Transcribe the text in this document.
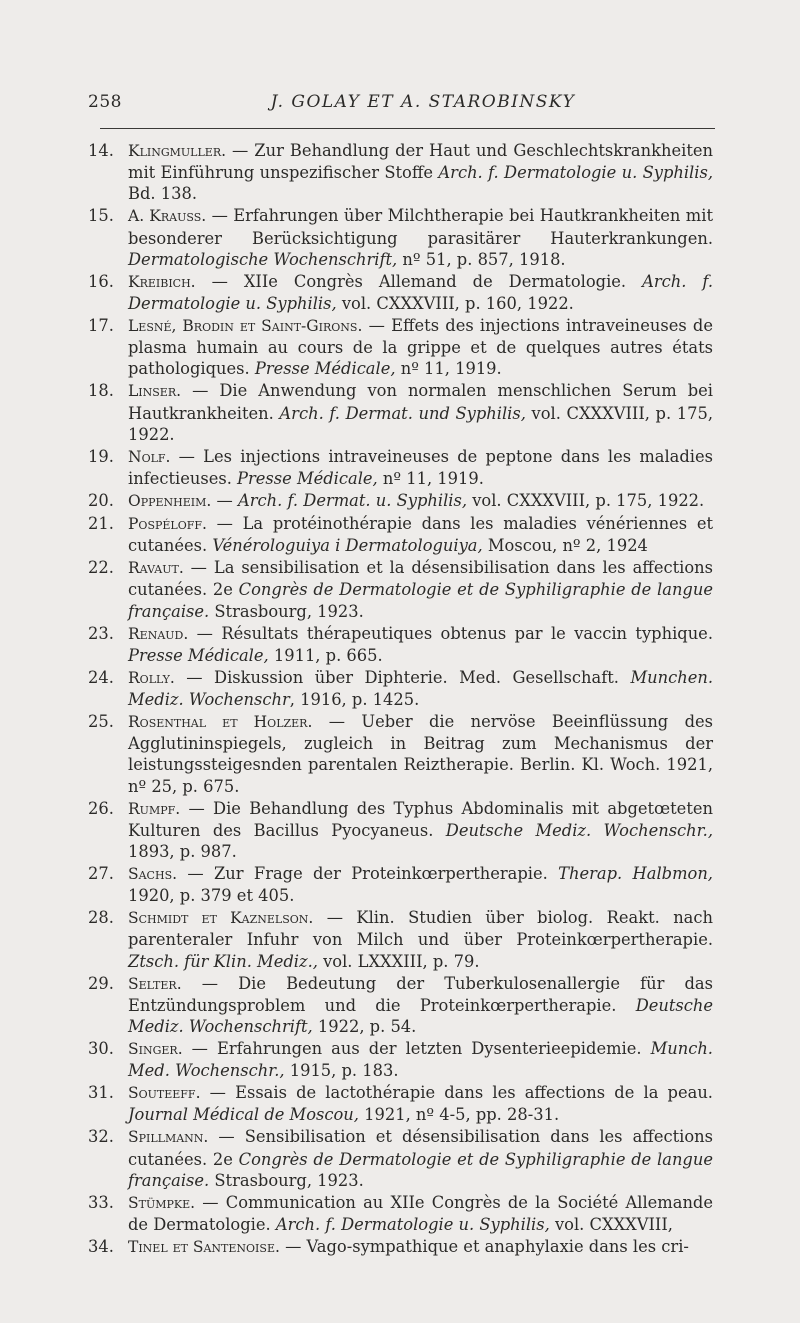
258	J. GOLAY ET A. STAROBINSKY
14. Klingmuller. — Zur Behandlung der Haut und Geschlechtskrankheiten mit Einführung unspezifischer Stoffe Arch. f. Dermatologie u. Syphilis, Bd. 138.
15. A. Krauss. — Erfahrungen über Milchtherapie bei Hautkrankheiten mit besonderer Berücksichtigung parasitärer Hauterkrankungen. Dermatologische Wochenschrift, nº 51, p. 857, 1918.
16. Kreibich. — XIIe Congrès Allemand de Dermatologie. Arch. f. Dermatologie u. Syphilis, vol. CXXXVIII, p. 160, 1922.
17. Lesné, Brodin et Saint-Girons. — Effets des injections intraveineuses de plasma humain au cours de la grippe et de quelques autres états pathologiques. Presse Médicale, nº 11, 1919.
18. Linser. — Die Anwendung von normalen menschlichen Serum bei Hautkrankheiten. Arch. f. Dermat. und Syphilis, vol. CXXXVIII, p. 175, 1922.
19. Nolf. — Les injections intraveineuses de peptone dans les maladies infectieuses. Presse Médicale, nº 11, 1919.
20. Oppenheim. — Arch. f. Dermat. u. Syphilis, vol. CXXXVIII, p. 175, 1922.
21. Pospéloff. — La protéinothérapie dans les maladies vénériennes et cutanées. Vénérologuiya i Dermatologuiya, Moscou, nº 2, 1924
22. Ravaut. — La sensibilisation et la désensibilisation dans les affections cutanées. 2e Congrès de Dermatologie et de Syphiligraphie de langue française. Strasbourg, 1923.
23. Renaud. — Résultats thérapeutiques obtenus par le vaccin typhique. Presse Médicale, 1911, p. 665.
24. Rolly. — Diskussion über Diphterie. Med. Gesellschaft. Munchen. Mediz. Wochenschr, 1916, p. 1425.
25. Rosenthal et Holzer. — Ueber die nervöse Beeinflüssung des Agglutininspiegels, zugleich in Beitrag zum Mechanismus der leistungssteigesnden parentalen Reiztherapie. Berlin. Kl. Woch. 1921, nº 25, p. 675.
26. Rumpf. — Die Behandlung des Typhus Abdominalis mit abgetœteten Kulturen des Bacillus Pyocyaneus. Deutsche Mediz. Wochenschr., 1893, p. 987.
27. Sachs. — Zur Frage der Proteinkœrpertherapie. Therap. Halbmon, 1920, p. 379 et 405.
28. Schmidt et Kaznelson. — Klin. Studien über biolog. Reakt. nach parenteraler Infuhr von Milch und über Proteinkœrpertherapie. Ztsch. für Klin. Mediz., vol. LXXXIII, p. 79.
29. Selter. — Die Bedeutung der Tuberkulosenallergie für das Entzündungsproblem und die Proteinkœrpertherapie. Deutsche Mediz. Wochenschrift, 1922, p. 54.
30. Singer. — Erfahrungen aus der letzten Dysenterieepidemie. Munch. Med. Wochenschr., 1915, p. 183.
31. Souteeff. — Essais de lactothérapie dans les affections de la peau. Journal Médical de Moscou, 1921, nº 4-5, pp. 28-31.
32. Spillmann. — Sensibilisation et désensibilisation dans les affections cutanées. 2e Congrès de Dermatologie et de Syphiligraphie de langue française. Strasbourg, 1923.
33. Stümpke. — Communication au XIIe Congrès de la Société Allemande de Dermatologie. Arch. f. Dermatologie u. Syphilis, vol. CXXXVIII,
34. Tinel et Santenoise. — Vago-sympathique et anaphylaxie dans les cri-
